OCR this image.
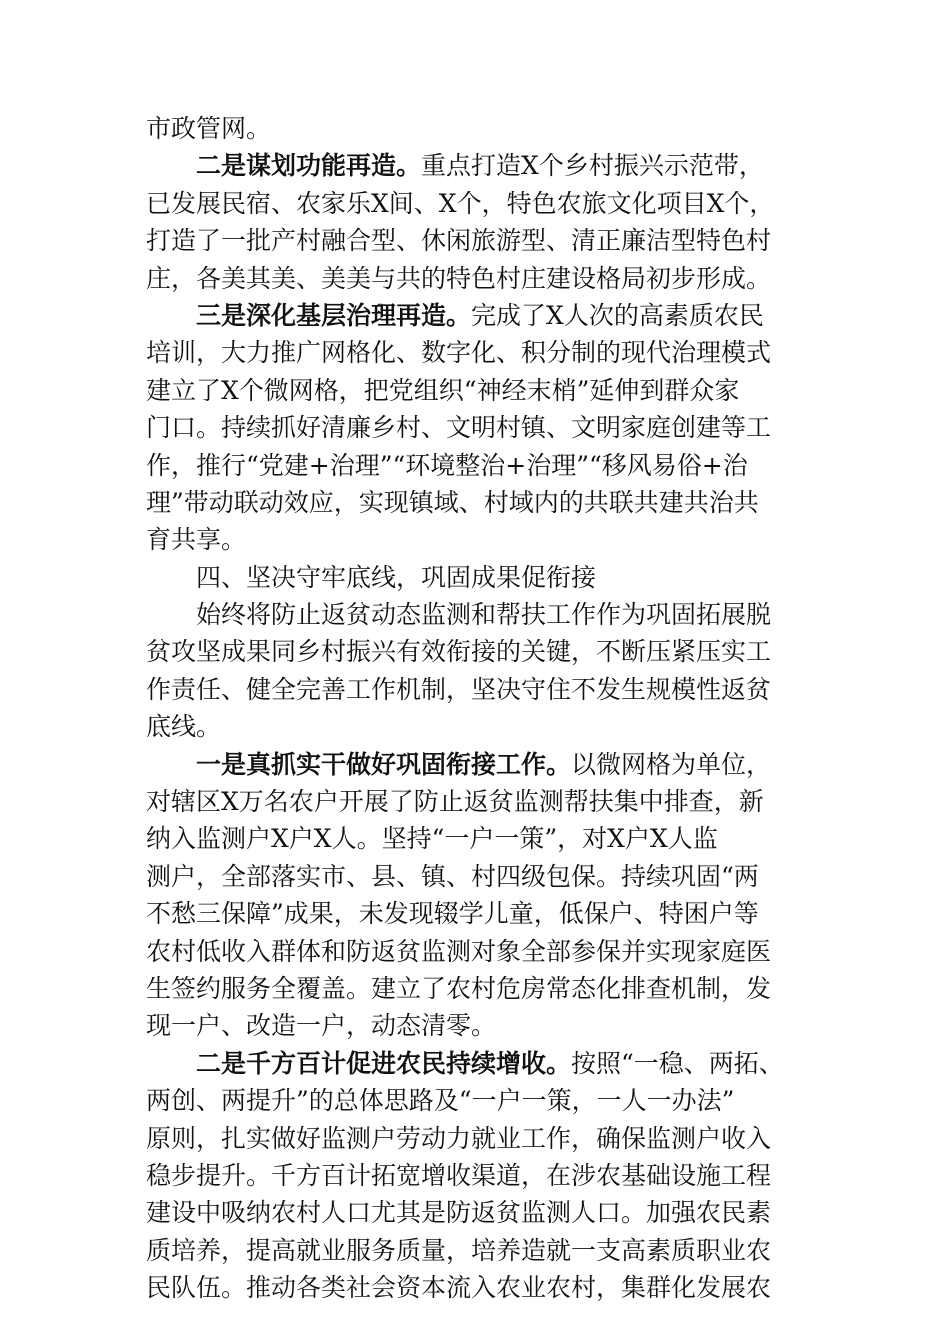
市政管网。
二是谋划功能再造。重点打造X个乡村振兴示范带，
已发展民宿、农家乐X间、X个，特色农旅文化项目X个，
打造了一批产村融合型、休闲旅游型、清正廉洁型特色村
庄，各美其美、美美与共的特色村庄建设格局初步形成。
三是深化基层治理再造。完成了X人次的高素质农民
培训，大力推广网格化、数字化、积分制的现代治理模式
建立了X个微网格，把党组织“神经末梢”延伸到群众家
门口。持续抓好清廉乡村、文明村镇、文明家庭创建等工
作，推行“党建+治理”“环境整治+治理”“移风易俗+治
理”带动联动效应，实现镇域、村域内的共联共建共治共
育共享。
四、坚决守牢底线，巩固成果促衔接
始终将防止返贫动态监测和帮扶工作作为巩固拓展脱
贫攻坚成果同乡村振兴有效衔接的关键，不断压紧压实工
作责任、健全完善工作机制，坚决守住不发生规模性返贫
底线。
一是真抓实干做好巩固衔接工作。以微网格为单位，
对辖区X万名农户开展了防止返贫监测帮扶集中排查，新
纳入监测户X户X人。坚持“一户一策”，对X户X人监
测户，全部落实市、县、镇、村四级包保。持续巩固“两
不愁三保障”成果，未发现辍学儿童，低保户、特困户等
农村低收入群体和防返贫监测对象全部参保并实现家庭医
生签约服务全覆盖。建立了农村危房常态化排查机制，发
现一户、改造一户，动态清零。
二是千方百计促进农民持续增收。按照“一稳、两拓、
两创、两提升”的总体思路及“一户一策，一人一办法”
原则，扎实做好监测户劳动力就业工作，确保监测户收入
稳步提升。千方百计拓宽增收渠道，在涉农基础设施工程
建设中吸纳农村人口尤其是防返贫监测人口。加强农民素
质培养，提高就业服务质量，培养造就一支高素质职业农
民队伍。推动各类社会资本流入农业农村，集群化发展农
